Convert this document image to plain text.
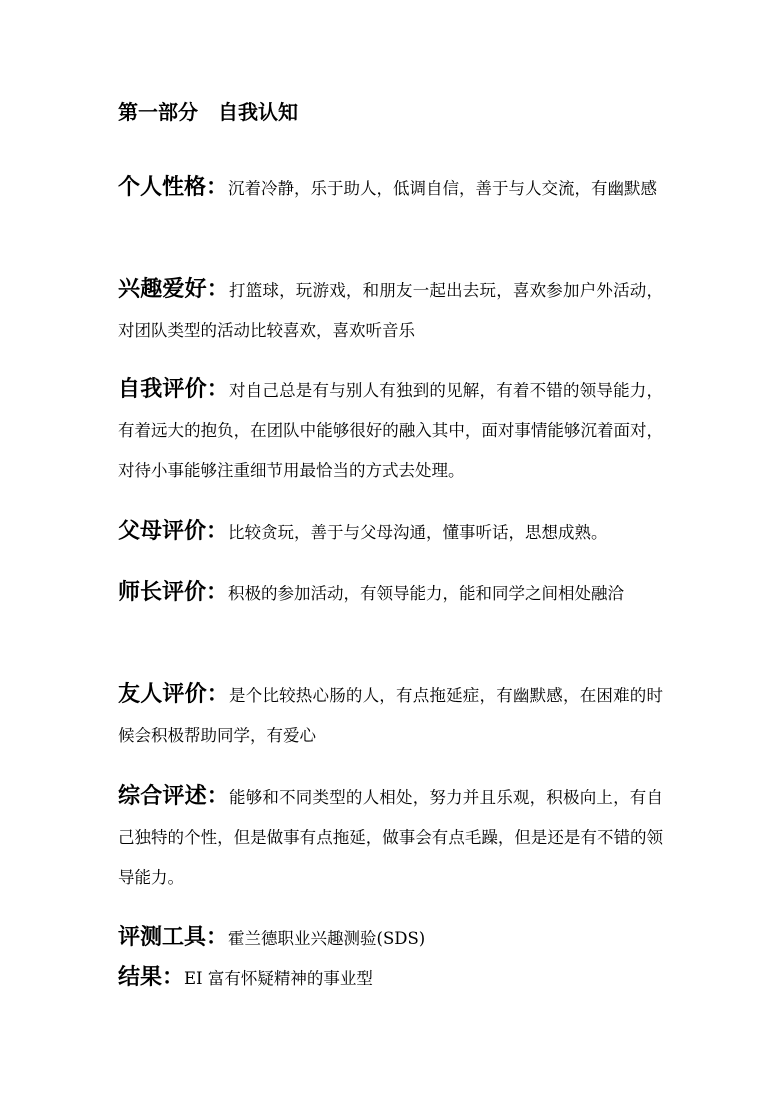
第一部分　自我认知

个人性格：沉着冷静，乐于助人，低调自信，善于与人交流，有幽默感

兴趣爱好：打篮球，玩游戏，和朋友一起出去玩，喜欢参加户外活动，对团队类型的活动比较喜欢，喜欢听音乐

自我评价：对自己总是有与别人有独到的见解，有着不错的领导能力，有着远大的抱负，在团队中能够很好的融入其中，面对事情能够沉着面对，对待小事能够注重细节用最恰当的方式去处理。

父母评价：比较贪玩，善于与父母沟通，懂事听话，思想成熟。

师长评价：积极的参加活动，有领导能力，能和同学之间相处融洽

友人评价：是个比较热心肠的人，有点拖延症，有幽默感，在困难的时候会积极帮助同学，有爱心

综合评述：能够和不同类型的人相处，努力并且乐观，积极向上，有自己独特的个性，但是做事有点拖延，做事会有点毛躁，但是还是有不错的领导能力。

评测工具：霍兰德职业兴趣测验(SDS)

结果：EI 富有怀疑精神的事业型
